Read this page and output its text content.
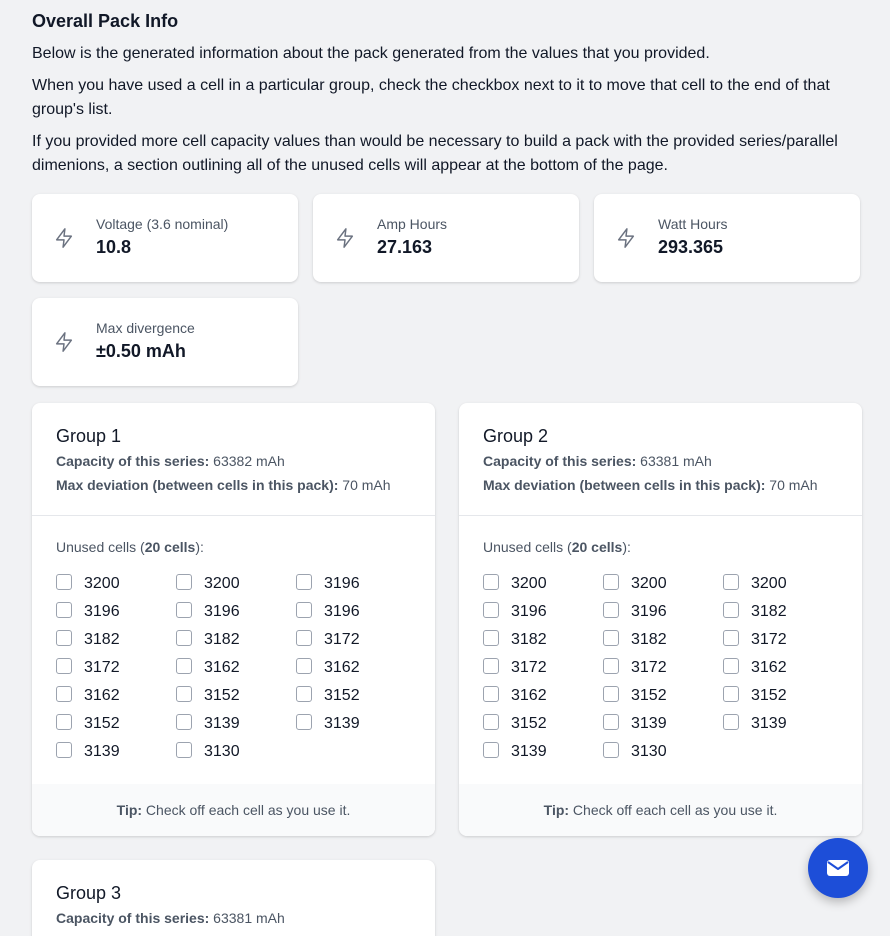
Overall Pack Info

Below is the generated information about the pack generated from the values that you provided.

When you have used a cell in a particular group, check the checkbox next to it to move that cell to the end of that group's list.

If you provided more cell capacity values than would be necessary to build a pack with the provided series/parallel dimenions, a section outlining all of the unused cells will appear at the bottom of the page.

Voltage (3.6 nominal)
10.8
Amp Hours
27.163
Watt Hours
293.365
Max divergence
±0.50 mAh
Group 1
Capacity of this series: 63382 mAh
Max deviation (between cells in this pack): 70 mAh
Unused cells (20 cells):
3200	3200	3196
3196	3196	3196
3182	3182	3172
3172	3162	3162
3162	3152	3152
3152	3139	3139
3139	3130
Tip: Check off each cell as you use it.
Group 2
Capacity of this series: 63381 mAh
Max deviation (between cells in this pack): 70 mAh
Unused cells (20 cells):
3200	3200	3200
3196	3196	3182
3182	3182	3172
3172	3172	3162
3162	3152	3152
3152	3139	3139
3139	3130
Tip: Check off each cell as you use it.
Group 3
Capacity of this series: 63381 mAh
